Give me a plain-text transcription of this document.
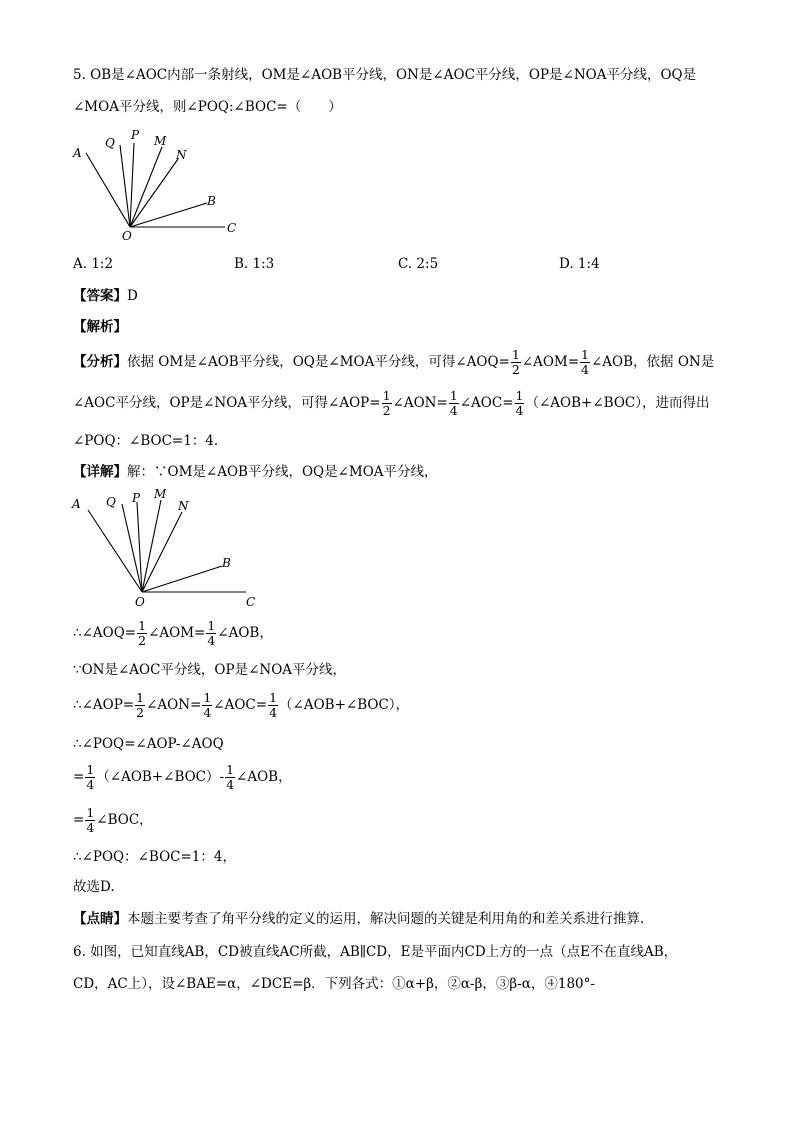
5. OB是∠AOC内部一条射线，OM是∠AOB平分线，ON是∠AOC平分线，OP是∠NOA平分线，OQ是
∠MOA平分线，则∠POQ:∠BOC=（　　）
A
Q
P M
N
B
C
O
A. 1:2	B. 1:3	C. 2:5	D. 1:4
【答案】D
【解析】
【分析】依据 OM是∠AOB平分线，OQ是∠MOA平分线，可得∠AOQ= $\frac{1}{2}$ ∠AOM= $\frac{1}{4}$ ∠AOB，依据 ON是
∠AOC平分线，OP是∠NOA平分线，可得∠AOP= $\frac{1}{2}$ ∠AON= $\frac{1}{4}$ ∠AOC= $\frac{1}{4}$ （∠AOB+∠BOC），进而得出
∠POQ：∠BOC=1：4.
【详解】解：∵OM是∠AOB平分线，OQ是∠MOA平分线，
A Q P M
N
B
C
O
∴∠AOQ= $\frac{1}{2}$ ∠AOM= $\frac{1}{4}$ ∠AOB，
∵ON是∠AOC平分线，OP是∠NOA平分线，
∴∠AOP= $\frac{1}{2}$ ∠AON= $\frac{1}{4}$ ∠AOC= $\frac{1}{4}$ （∠AOB+∠BOC），
∴∠POQ=∠AOP-∠AOQ
= $\frac{1}{4}$ （∠AOB+∠BOC）- $\frac{1}{4}$ ∠AOB，
= $\frac{1}{4}$ ∠BOC，
∴∠POQ：∠BOC=1：4，
故选D.
【点睛】本题主要考查了角平分线的定义的运用，解决问题的关键是利用角的和差关系进行推算.
6. 如图，已知直线AB，CD被直线AC所截，AB∥CD，E是平面内CD上方的一点（点E不在直线AB，
CD，AC上），设∠BAE=α，∠DCE=β．下列各式：①α+β，②α-β，③β-α，④180°-
